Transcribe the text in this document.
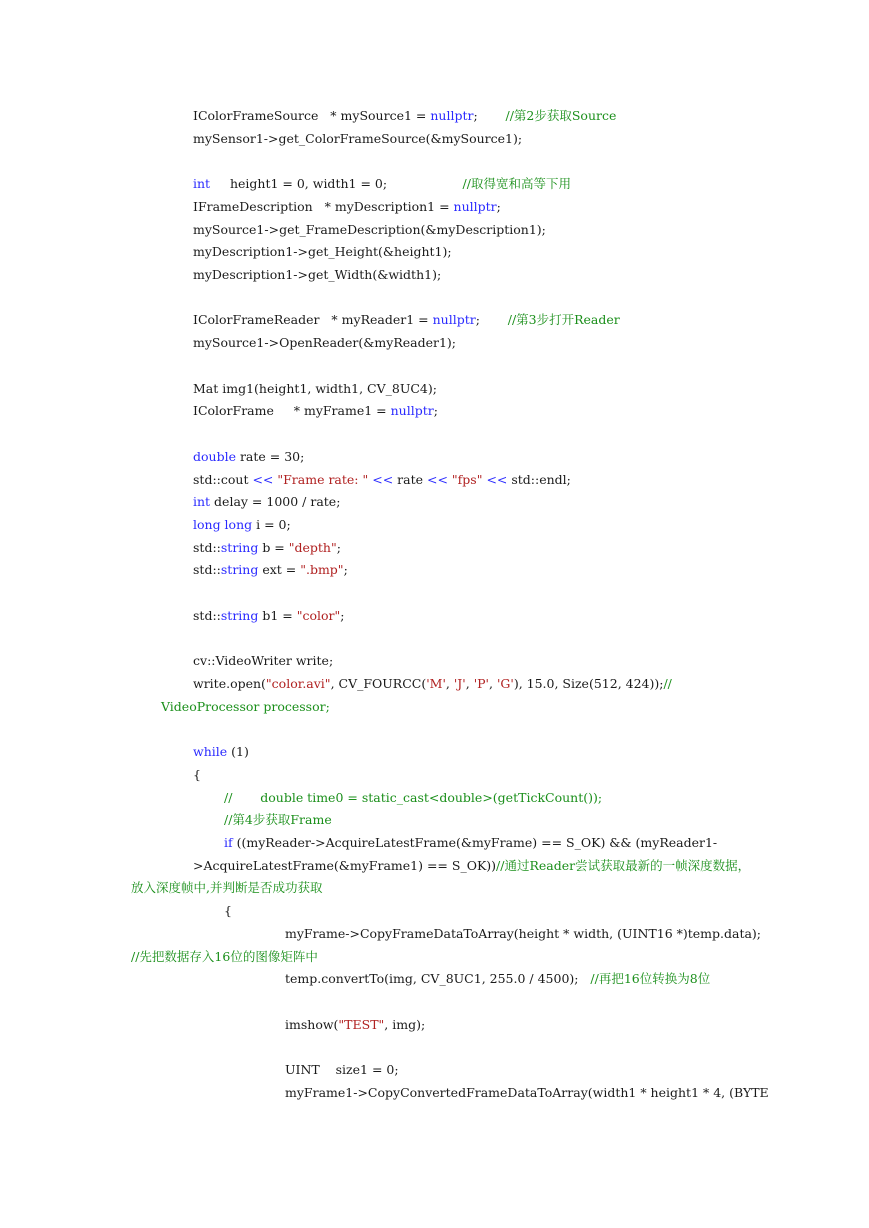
IColorFrameSource   * mySource1 = nullptr;       //第2步获取Source
mySensor1->get_ColorFrameSource(&mySource1);
int     height1 = 0, width1 = 0;                   //取得宽和高等下用
IFrameDescription   * myDescription1 = nullptr;
mySource1->get_FrameDescription(&myDescription1);
myDescription1->get_Height(&height1);
myDescription1->get_Width(&width1);
IColorFrameReader   * myReader1 = nullptr;       //第3步打开Reader
mySource1->OpenReader(&myReader1);
Mat img1(height1, width1, CV_8UC4);
IColorFrame     * myFrame1 = nullptr;
double rate = 30;
std::cout << "Frame rate: " << rate << "fps" << std::endl;
int delay = 1000 / rate;
long long i = 0;
std::string b = "depth";
std::string ext = ".bmp";
std::string b1 = "color";
cv::VideoWriter write;
write.open("color.avi", CV_FOURCC('M', 'J', 'P', 'G'), 15.0, Size(512, 424));//
VideoProcessor processor;
while (1)
{
//       double time0 = static_cast<double>(getTickCount());
//第4步获取Frame
if ((myReader->AcquireLatestFrame(&myFrame) == S_OK) && (myReader1-
>AcquireLatestFrame(&myFrame1) == S_OK))//通过Reader尝试获取最新的一帧深度数据，
放入深度帧中,并判断是否成功获取
{
myFrame->CopyFrameDataToArray(height * width, (UINT16 *)temp.data);
//先把数据存入16位的图像矩阵中
temp.convertTo(img, CV_8UC1, 255.0 / 4500);   //再把16位转换为8位
imshow("TEST", img);
UINT    size1 = 0;
myFrame1->CopyConvertedFrameDataToArray(width1 * height1 * 4, (BYTE
